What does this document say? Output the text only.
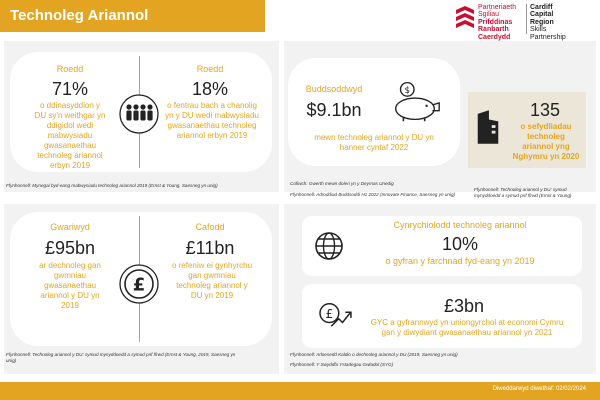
Technoleg Ariannol	Partneriaeth
Sgiliau
Prifddinas
Ranbarth
Caerdydd
Cardiff
Capital
Region
Skills
Partnership
Roedd
71%
o ddinasyddion y
DU sy'n weithgar yn
ddigidol wedi
mabwysiadu
gwasanaethau
technoleg ariannol
erbyn 2019
Roedd
18%
o fentrau bach a chanolig
yn y DU wedi mabwysiadu
gwasanaethau technoleg
ariannol erbyn 2019
Ffynhonnell: Mynegai byd-eang mabwysiadu technoleg ariannol 2019 (Ernst & Young, Saesneg yn unig)
Buddsoddwyd
$9.1bn
$
mewn technoleg ariannol y DU yn
hanner cyntaf 2022
135
o sefydliadau
technoleg
ariannol yng
Nghymru yn 2020
Cofiwch: Gwerth mewn doleri yn y Deyrnas Unedig
Ffynhonnell: Adroddiad Buddsoddi H1 2022 (Innovate Finance, Saesneg yn unig)
Ffynhonnell: Technoleg ariannol y DU: symud
mynyddoedd a symud prif ffrwd (Ernst & Young)
Gwariwyd
£95bn
ar dechnoleg gan
gwmniau
gwasanaethau
ariannol y DU yn
2019
£
Cafodd
£11bn
o refeniw ei gynhyrchu
gan gwmniau
technoleg ariannol y
DU yn 2019
Ffynhonnell: Technoleg ariannol y DU: symud mynyddoedd a symud prif ffrwd (Ernst & Young, 2019, Saesneg yn
unig)
Cynrychiolodd technoleg ariannol
10%
o gyfran y farchnad fyd-eang yn 2019
£	£3bn
GYC a gyfrannwyd yn uniongyrchol at economi Cymru
gan y diwydiant gwasanaethau ariannol yn 2021
Ffynhonnell: Arloesedd Kaldio o dechnoleg ariannol y DU (2019, Saesneg yn unig)
Ffynhonnell: Y Swyddfa Ystadegau Gwladol (SYG)
Diweddarwyd diwethaf: 02/02/2024
